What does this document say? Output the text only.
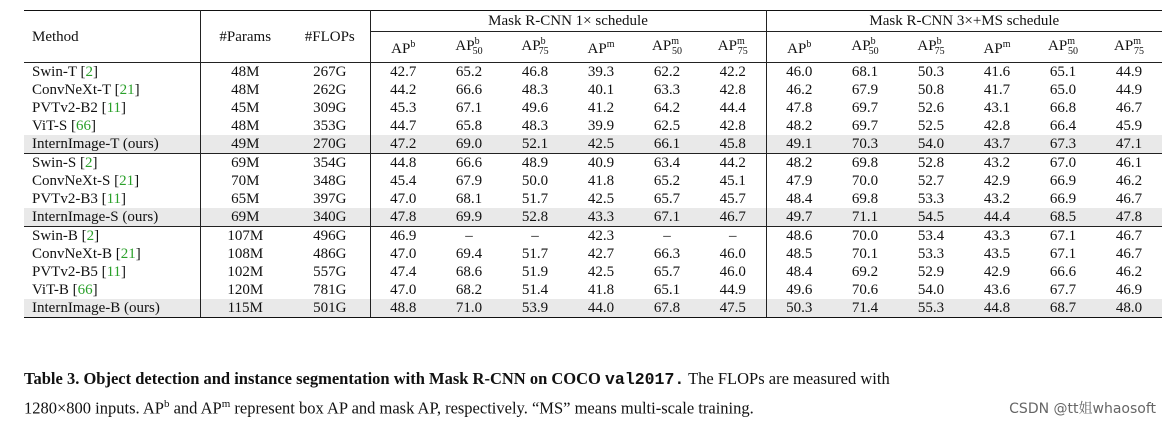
Method	#Params	#FLOPs	Mask R-CNN 1× schedule						Mask R-CNN 3×+MS schedule					
			$AP^b$	$AP^b_{50}$	$AP^b_{75}$	$AP^m$	$AP^m_{50}$	$AP^m_{75}$	$AP^b$	$AP^b_{50}$	$AP^b_{75}$	$AP^m$	$AP^m_{50}$	$AP^m_{75}$
Swin-T [2]	48M	267G	42.7	65.2	46.8	39.3	62.2	42.2	46.0	68.1	50.3	41.6	65.1	44.9
ConvNeXt-T [21]	48M	262G	44.2	66.6	48.3	40.1	63.3	42.8	46.2	67.9	50.8	41.7	65.0	44.9
PVTv2-B2 [11]	45M	309G	45.3	67.1	49.6	41.2	64.2	44.4	47.8	69.7	52.6	43.1	66.8	46.7
ViT-S [66]	48M	353G	44.7	65.8	48.3	39.9	62.5	42.8	48.2	69.7	52.5	42.8	66.4	45.9
InternImage-T (ours)	49M	270G	47.2	69.0	52.1	42.5	66.1	45.8	49.1	70.3	54.0	43.7	67.3	47.1
Swin-S [2]	69M	354G	44.8	66.6	48.9	40.9	63.4	44.2	48.2	69.8	52.8	43.2	67.0	46.1
ConvNeXt-S [21]	70M	348G	45.4	67.9	50.0	41.8	65.2	45.1	47.9	70.0	52.7	42.9	66.9	46.2
PVTv2-B3 [11]	65M	397G	47.0	68.1	51.7	42.5	65.7	45.7	48.4	69.8	53.3	43.2	66.9	46.7
InternImage-S (ours)	69M	340G	47.8	69.9	52.8	43.3	67.1	46.7	49.7	71.1	54.5	44.4	68.5	47.8
Swin-B [2]	107M	496G	46.9	–	–	42.3	–	–	48.6	70.0	53.4	43.3	67.1	46.7
ConvNeXt-B [21]	108M	486G	47.0	69.4	51.7	42.7	66.3	46.0	48.5	70.1	53.3	43.5	67.1	46.7
PVTv2-B5 [11]	102M	557G	47.4	68.6	51.9	42.5	65.7	46.0	48.4	69.2	52.9	42.9	66.6	46.2
ViT-B [66]	120M	781G	47.0	68.2	51.4	41.8	65.1	44.9	49.6	70.6	54.0	43.6	67.7	46.9
InternImage-B (ours)	115M	501G	48.8	71.0	53.9	44.0	67.8	47.5	50.3	71.4	55.3	44.8	68.7	48.0
Table 3. Object detection and instance segmentation with Mask R-CNN on COCO val2017. The FLOPs are measured with
1280×800 inputs. $AP^b$ and $AP^m$ represent box AP and mask AP, respectively. “MS” means multi-scale training.	CSDN @tt姐whaosoft
